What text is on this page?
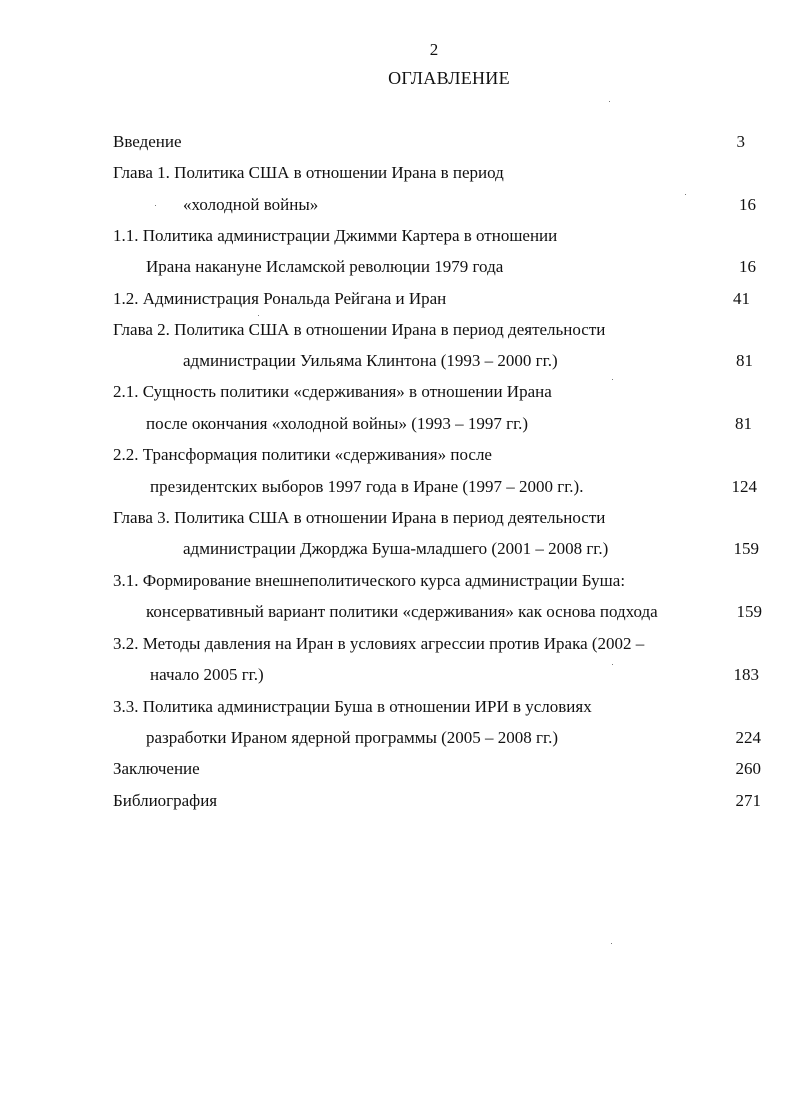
2
ОГЛАВЛЕНИЕ
Введение	3
Глава 1. Политика США в отношении Ирана в период
«холодной войны»	16
1.1. Политика администрации Джимми Картера в отношении
Ирана накануне Исламской революции 1979 года	16
1.2. Администрация Рональда Рейгана и Иран	41
Глава 2. Политика США в отношении Ирана в период деятельности
администрации Уильяма Клинтона (1993 – 2000 гг.)	81
2.1. Сущность политики «сдерживания» в отношении Ирана
после окончания «холодной войны» (1993 – 1997 гг.)	81
2.2. Трансформация политики «сдерживания» после
президентских выборов 1997 года в Иране (1997 – 2000 гг.).	124
Глава 3. Политика США в отношении Ирана в период деятельности
администрации Джорджа Буша-младшего (2001 – 2008 гг.)	159
3.1. Формирование внешнеполитического курса администрации Буша:
консервативный вариант политики «сдерживания» как основа подхода	159
3.2. Методы давления на Иран в условиях агрессии против Ирака (2002 –
начало 2005 гг.)	183
3.3. Политика администрации Буша в отношении ИРИ в условиях
разработки Ираном ядерной программы (2005 – 2008 гг.)	224
Заключение	260
Библиография	271
